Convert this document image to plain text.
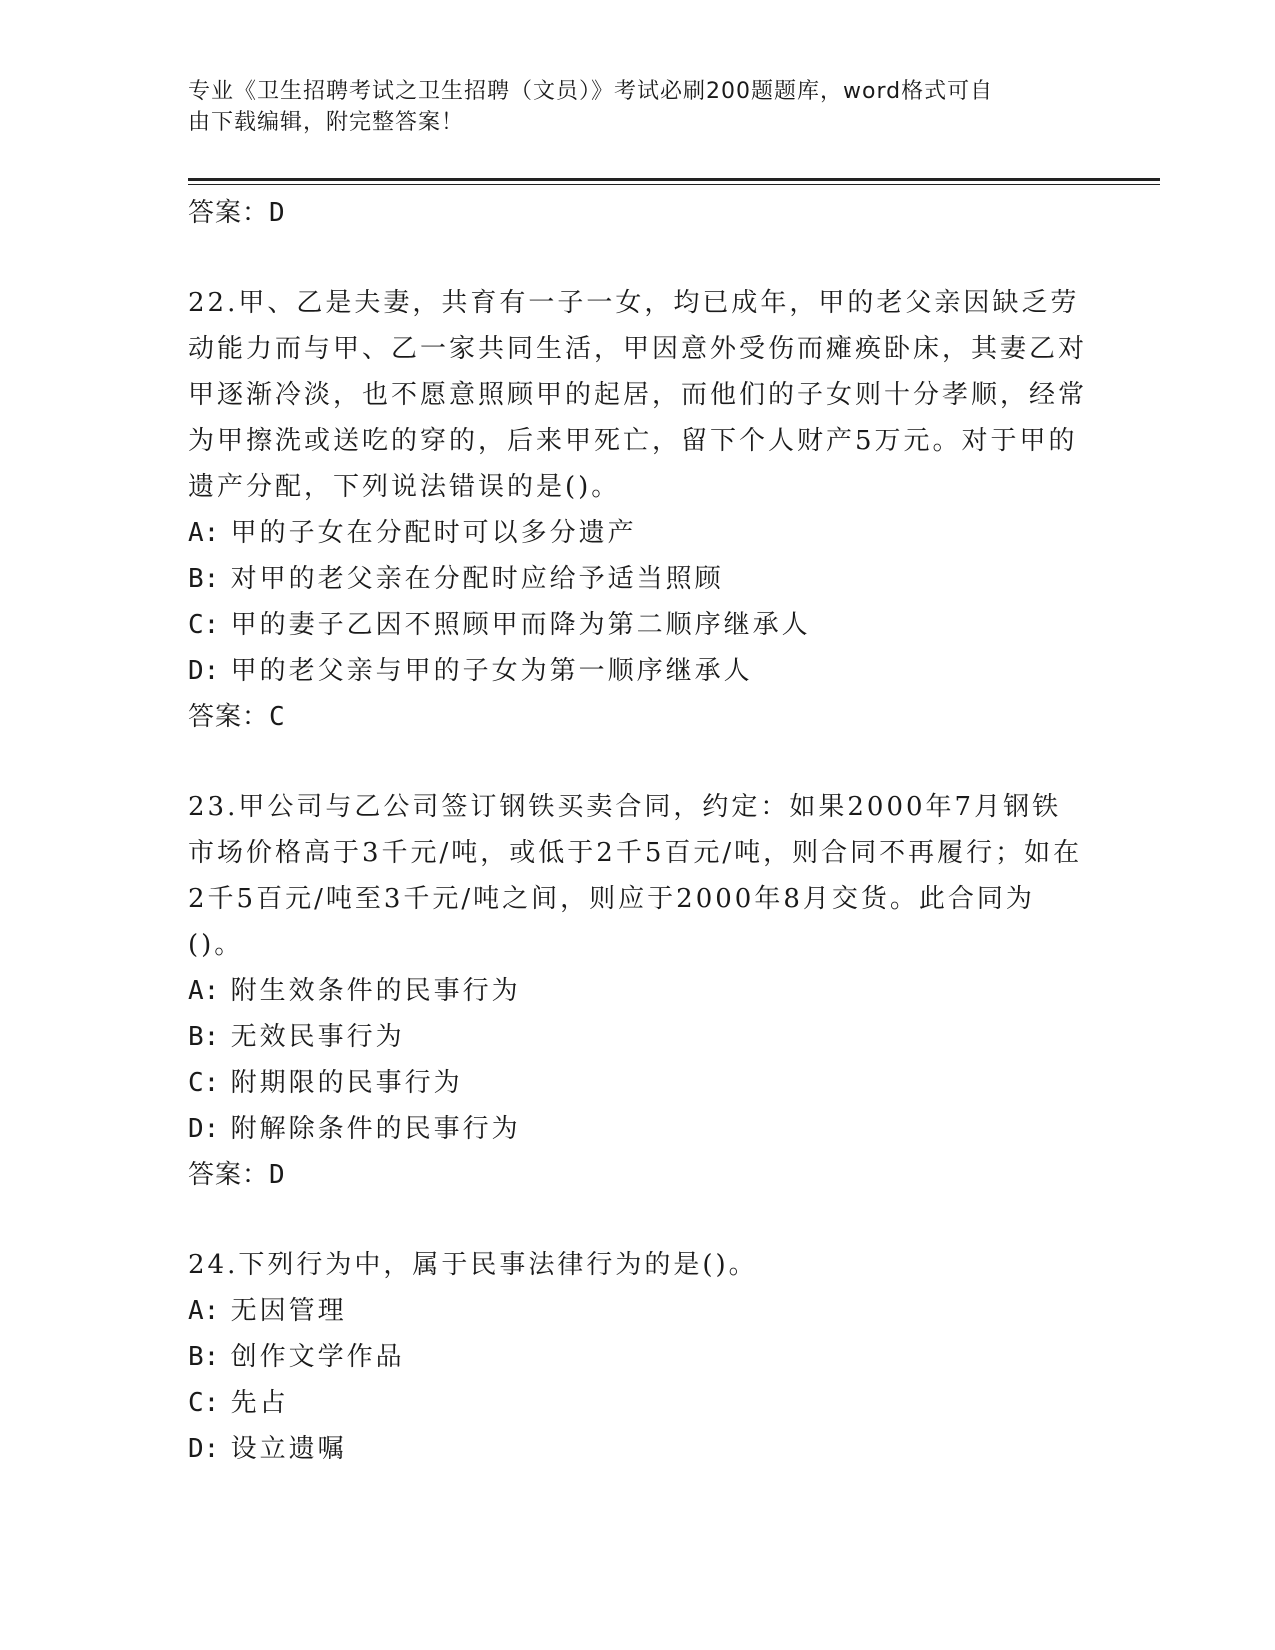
专业《卫生招聘考试之卫生招聘（文员）》考试必刷200题题库，word格式可自
由下载编辑，附完整答案！
答案：D
22.甲、乙是夫妻，共育有一子一女，均已成年，甲的老父亲因缺乏劳动能力而与甲、乙一家共同生活，甲因意外受伤而瘫痪卧床，其妻乙对甲逐渐冷淡，也不愿意照顾甲的起居，而他们的子女则十分孝顺，经常为甲擦洗或送吃的穿的，后来甲死亡，留下个人财产5万元。对于甲的遗产分配，下列说法错误的是()。
A: 甲的子女在分配时可以多分遗产
B: 对甲的老父亲在分配时应给予适当照顾
C: 甲的妻子乙因不照顾甲而降为第二顺序继承人
D: 甲的老父亲与甲的子女为第一顺序继承人
答案：C
23.甲公司与乙公司签订钢铁买卖合同，约定：如果2000年7月钢铁市场价格高于3千元/吨，或低于2千5百元/吨，则合同不再履行；如在2千5百元/吨至3千元/吨之间，则应于2000年8月交货。此合同为()。
A: 附生效条件的民事行为
B: 无效民事行为
C: 附期限的民事行为
D: 附解除条件的民事行为
答案：D
24.下列行为中，属于民事法律行为的是()。
A: 无因管理
B: 创作文学作品
C: 先占
D: 设立遗嘱
